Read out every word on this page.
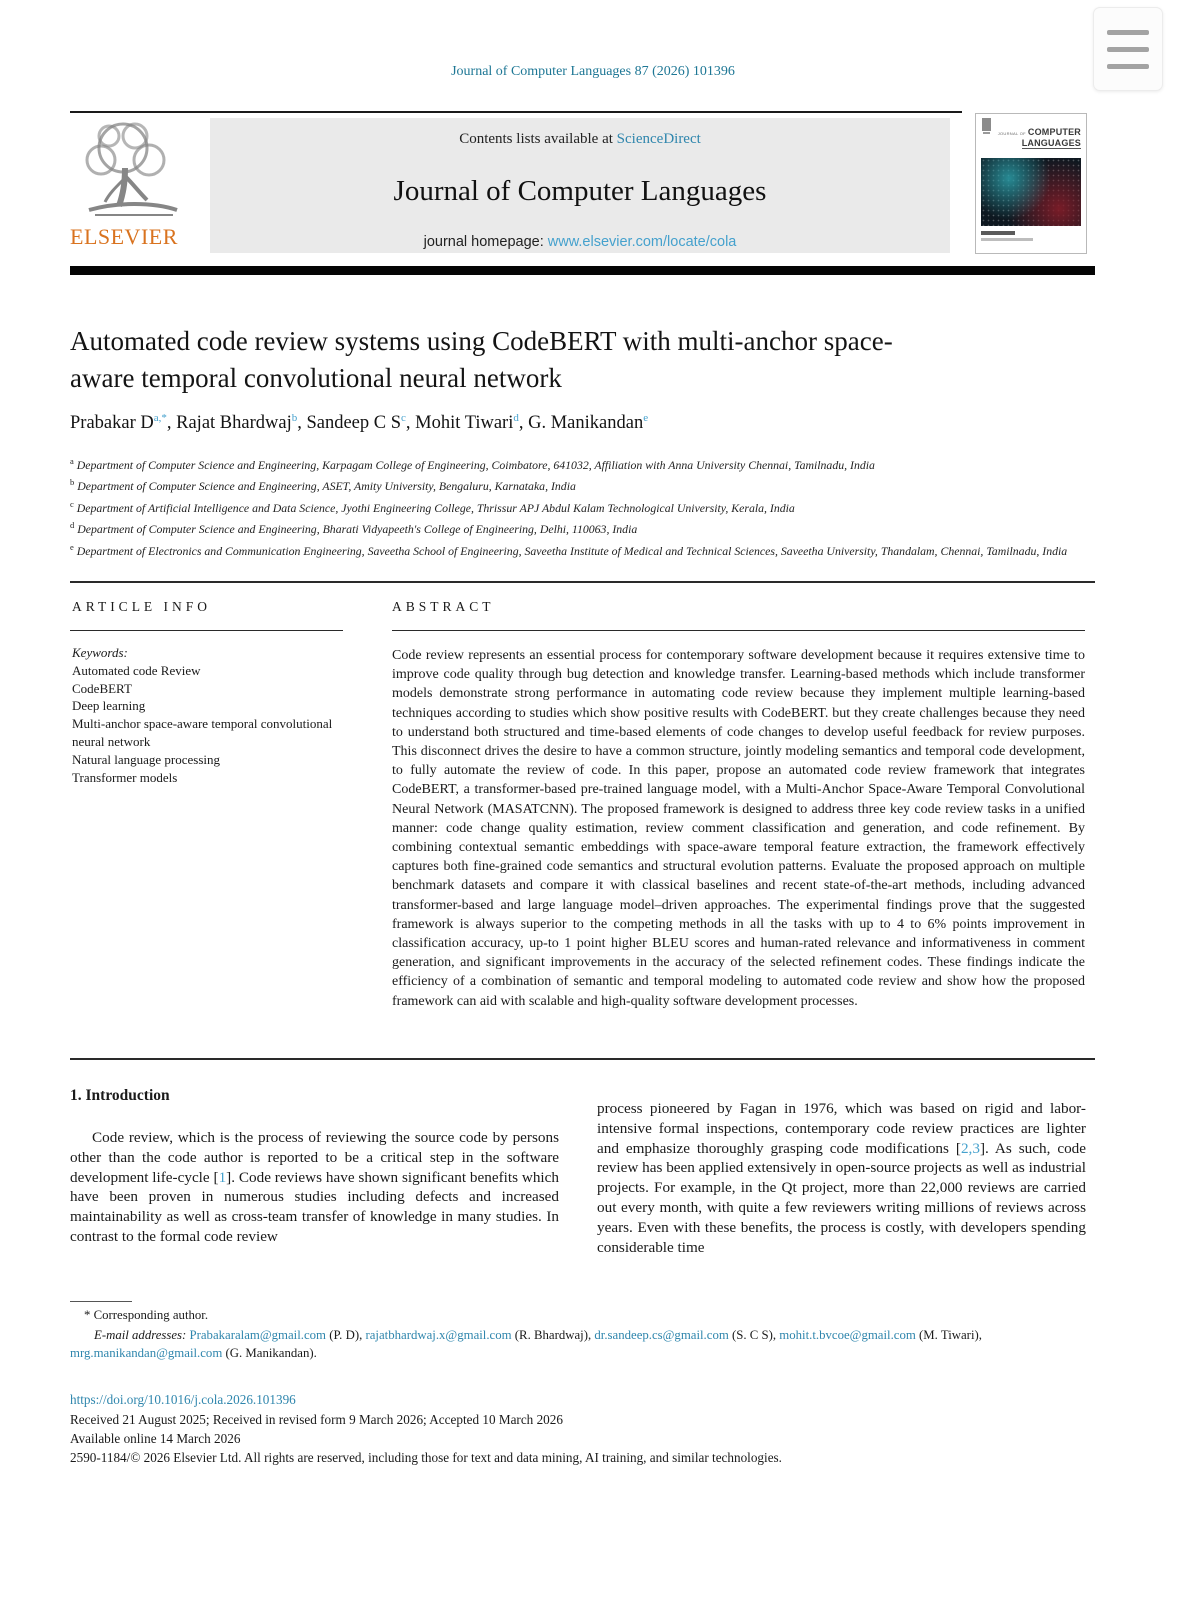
Journal of Computer Languages 87 (2026) 101396
ELSEVIER
Contents lists available at ScienceDirect
Journal of Computer Languages
journal homepage: www.elsevier.com/locate/cola
JOURNAL OF COMPUTER
LANGUAGES
Automated code review systems using CodeBERT with multi-anchor space-aware temporal convolutional neural network
Prabakar $D^{a,*}$, Rajat Bhardwaj$^b$, Sandeep C $S^c$, Mohit Tiwari$^d$, G. Manikandan$^e$
$^a$ Department of Computer Science and Engineering, Karpagam College of Engineering, Coimbatore, 641032, Affiliation with Anna University Chennai, Tamilnadu, India
$^b$ Department of Computer Science and Engineering, ASET, Amity University, Bengaluru, Karnataka, India
$^c$ Department of Artificial Intelligence and Data Science, Jyothi Engineering College, Thrissur APJ Abdul Kalam Technological University, Kerala, India
$^d$ Department of Computer Science and Engineering, Bharati Vidyapeeth's College of Engineering, Delhi, 110063, India
$^e$ Department of Electronics and Communication Engineering, Saveetha School of Engineering, Saveetha Institute of Medical and Technical Sciences, Saveetha University, Thandalam, Chennai, Tamilnadu, India
ARTICLE INFO	ABSTRACT
Keywords:
Automated code Review
CodeBERT
Deep learning
Multi-anchor space-aware temporal convolutional neural network
Natural language processing
Transformer models
Code review represents an essential process for contemporary software development because it requires extensive time to improve code quality through bug detection and knowledge transfer. Learning-based methods which include transformer models demonstrate strong performance in automating code review because they implement multiple learning-based techniques according to studies which show positive results with CodeBERT. but they create challenges because they need to understand both structured and time-based elements of code changes to develop useful feedback for review purposes. This disconnect drives the desire to have a common structure, jointly modeling semantics and temporal code development, to fully automate the review of code. In this paper, propose an automated code review framework that integrates CodeBERT, a transformer-based pre-trained language model, with a Multi-Anchor Space-Aware Temporal Convolutional Neural Network (MASATCNN). The proposed framework is designed to address three key code review tasks in a unified manner: code change quality estimation, review comment classification and generation, and code refinement. By combining contextual semantic embeddings with space-aware temporal feature extraction, the framework effectively captures both fine-grained code semantics and structural evolution patterns. Evaluate the proposed approach on multiple benchmark datasets and compare it with classical baselines and recent state-of-the-art methods, including advanced transformer-based and large language model–driven approaches. The experimental findings prove that the suggested framework is always superior to the competing methods in all the tasks with up to 4 to 6% points improvement in classification accuracy, up-to 1 point higher BLEU scores and human-rated relevance and informativeness in comment generation, and significant improvements in the accuracy of the selected refinement codes. These findings indicate the efficiency of a combination of semantic and temporal modeling to automated code review and show how the proposed framework can aid with scalable and high-quality software development processes.
1. Introduction

Code review, which is the process of reviewing the source code by persons other than the code author is reported to be a critical step in the software development life-cycle [1]. Code reviews have shown significant benefits which have been proven in numerous studies including defects and increased maintainability as well as cross-team transfer of knowledge in many studies. In contrast to the formal code review

process pioneered by Fagan in 1976, which was based on rigid and labor-intensive formal inspections, contemporary code review practices are lighter and emphasize thoroughly grasping code modifications [2,3]. As such, code review has been applied extensively in open-source projects as well as industrial projects. For example, in the Qt project, more than 22,000 reviews are carried out every month, with quite a few reviewers writing millions of reviews across years. Even with these benefits, the process is costly, with developers spending considerable time

* Corresponding author.

E-mail addresses: Prabakaralam@gmail.com (P. D), rajatbhardwaj.x@gmail.com (R. Bhardwaj), dr.sandeep.cs@gmail.com (S. C S), mohit.t.bvcoe@gmail.com (M. Tiwari), mrg.manikandan@gmail.com (G. Manikandan).

https://doi.org/10.1016/j.cola.2026.101396
Received 21 August 2025; Received in revised form 9 March 2026; Accepted 10 March 2026
Available online 14 March 2026
2590-1184/© 2026 Elsevier Ltd. All rights are reserved, including those for text and data mining, AI training, and similar technologies.
